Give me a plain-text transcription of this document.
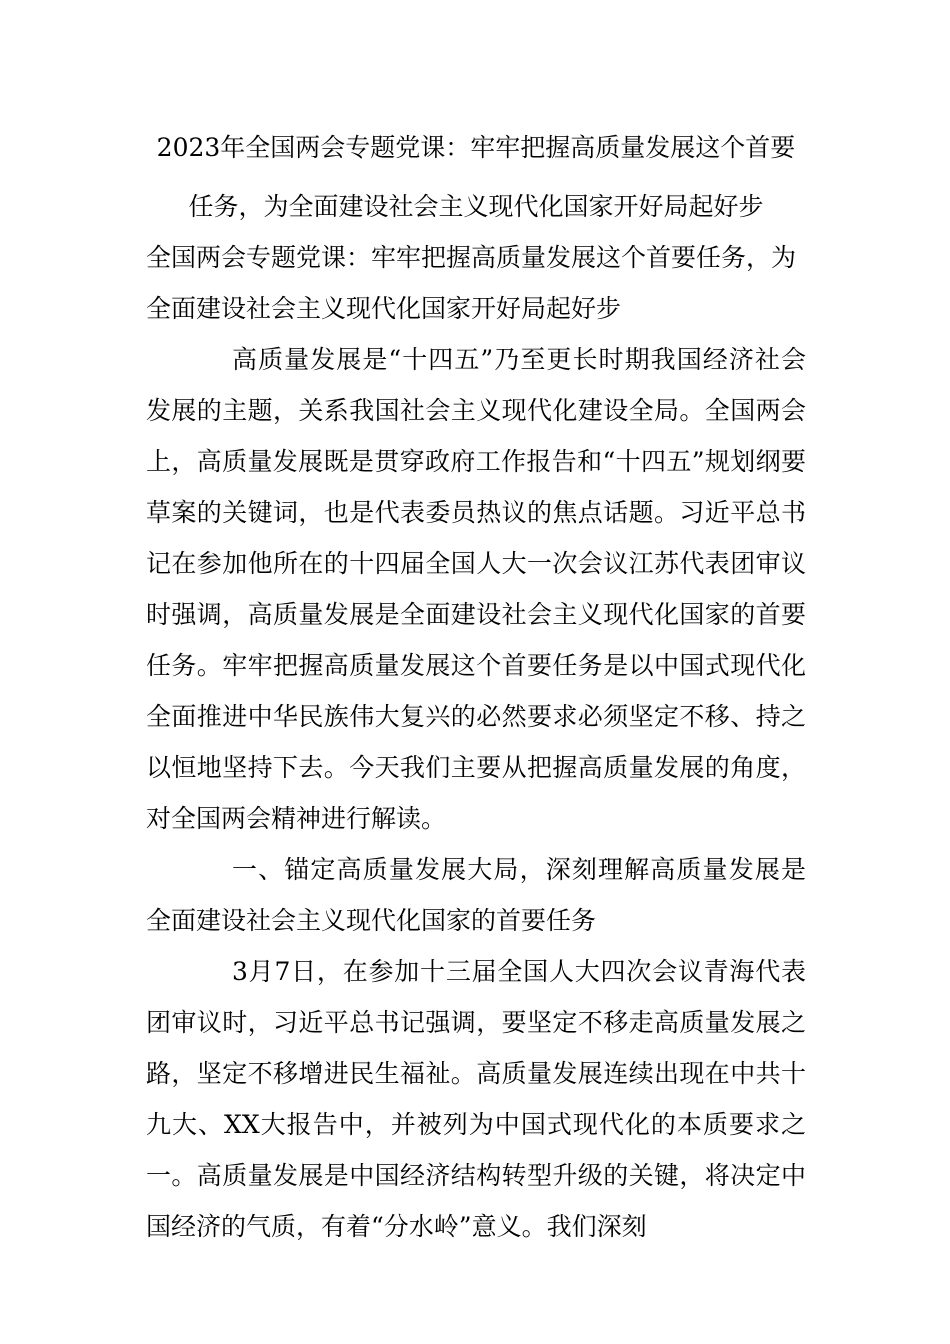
2023年全国两会专题党课：牢牢把握高质量发展这个首要

任务，为全面建设社会主义现代化国家开好局起好步

全国两会专题党课：牢牢把握高质量发展这个首要任务，为全面建设社会主义现代化国家开好局起好步

高质量发展是“十四五”乃至更长时期我国经济社会发展的主题，关系我国社会主义现代化建设全局。全国两会上，高质量发展既是贯穿政府工作报告和“十四五”规划纲要草案的关键词，也是代表委员热议的焦点话题。习近平总书记在参加他所在的十四届全国人大一次会议江苏代表团审议时强调，高质量发展是全面建设社会主义现代化国家的首要任务。牢牢把握高质量发展这个首要任务是以中国式现代化全面推进中华民族伟大复兴的必然要求必须坚定不移、持之以恒地坚持下去。今天我们主要从把握高质量发展的角度，对全国两会精神进行解读。

一、锚定高质量发展大局，深刻理解高质量发展是全面建设社会主义现代化国家的首要任务

3月7日，在参加十三届全国人大四次会议青海代表团审议时，习近平总书记强调，要坚定不移走高质量发展之路，坚定不移增进民生福祉。高质量发展连续出现在中共十九大、XX大报告中，并被列为中国式现代化的本质要求之一。高质量发展是中国经济结构转型升级的关键，将决定中国经济的气质，有着“分水岭”意义。我们深刻
